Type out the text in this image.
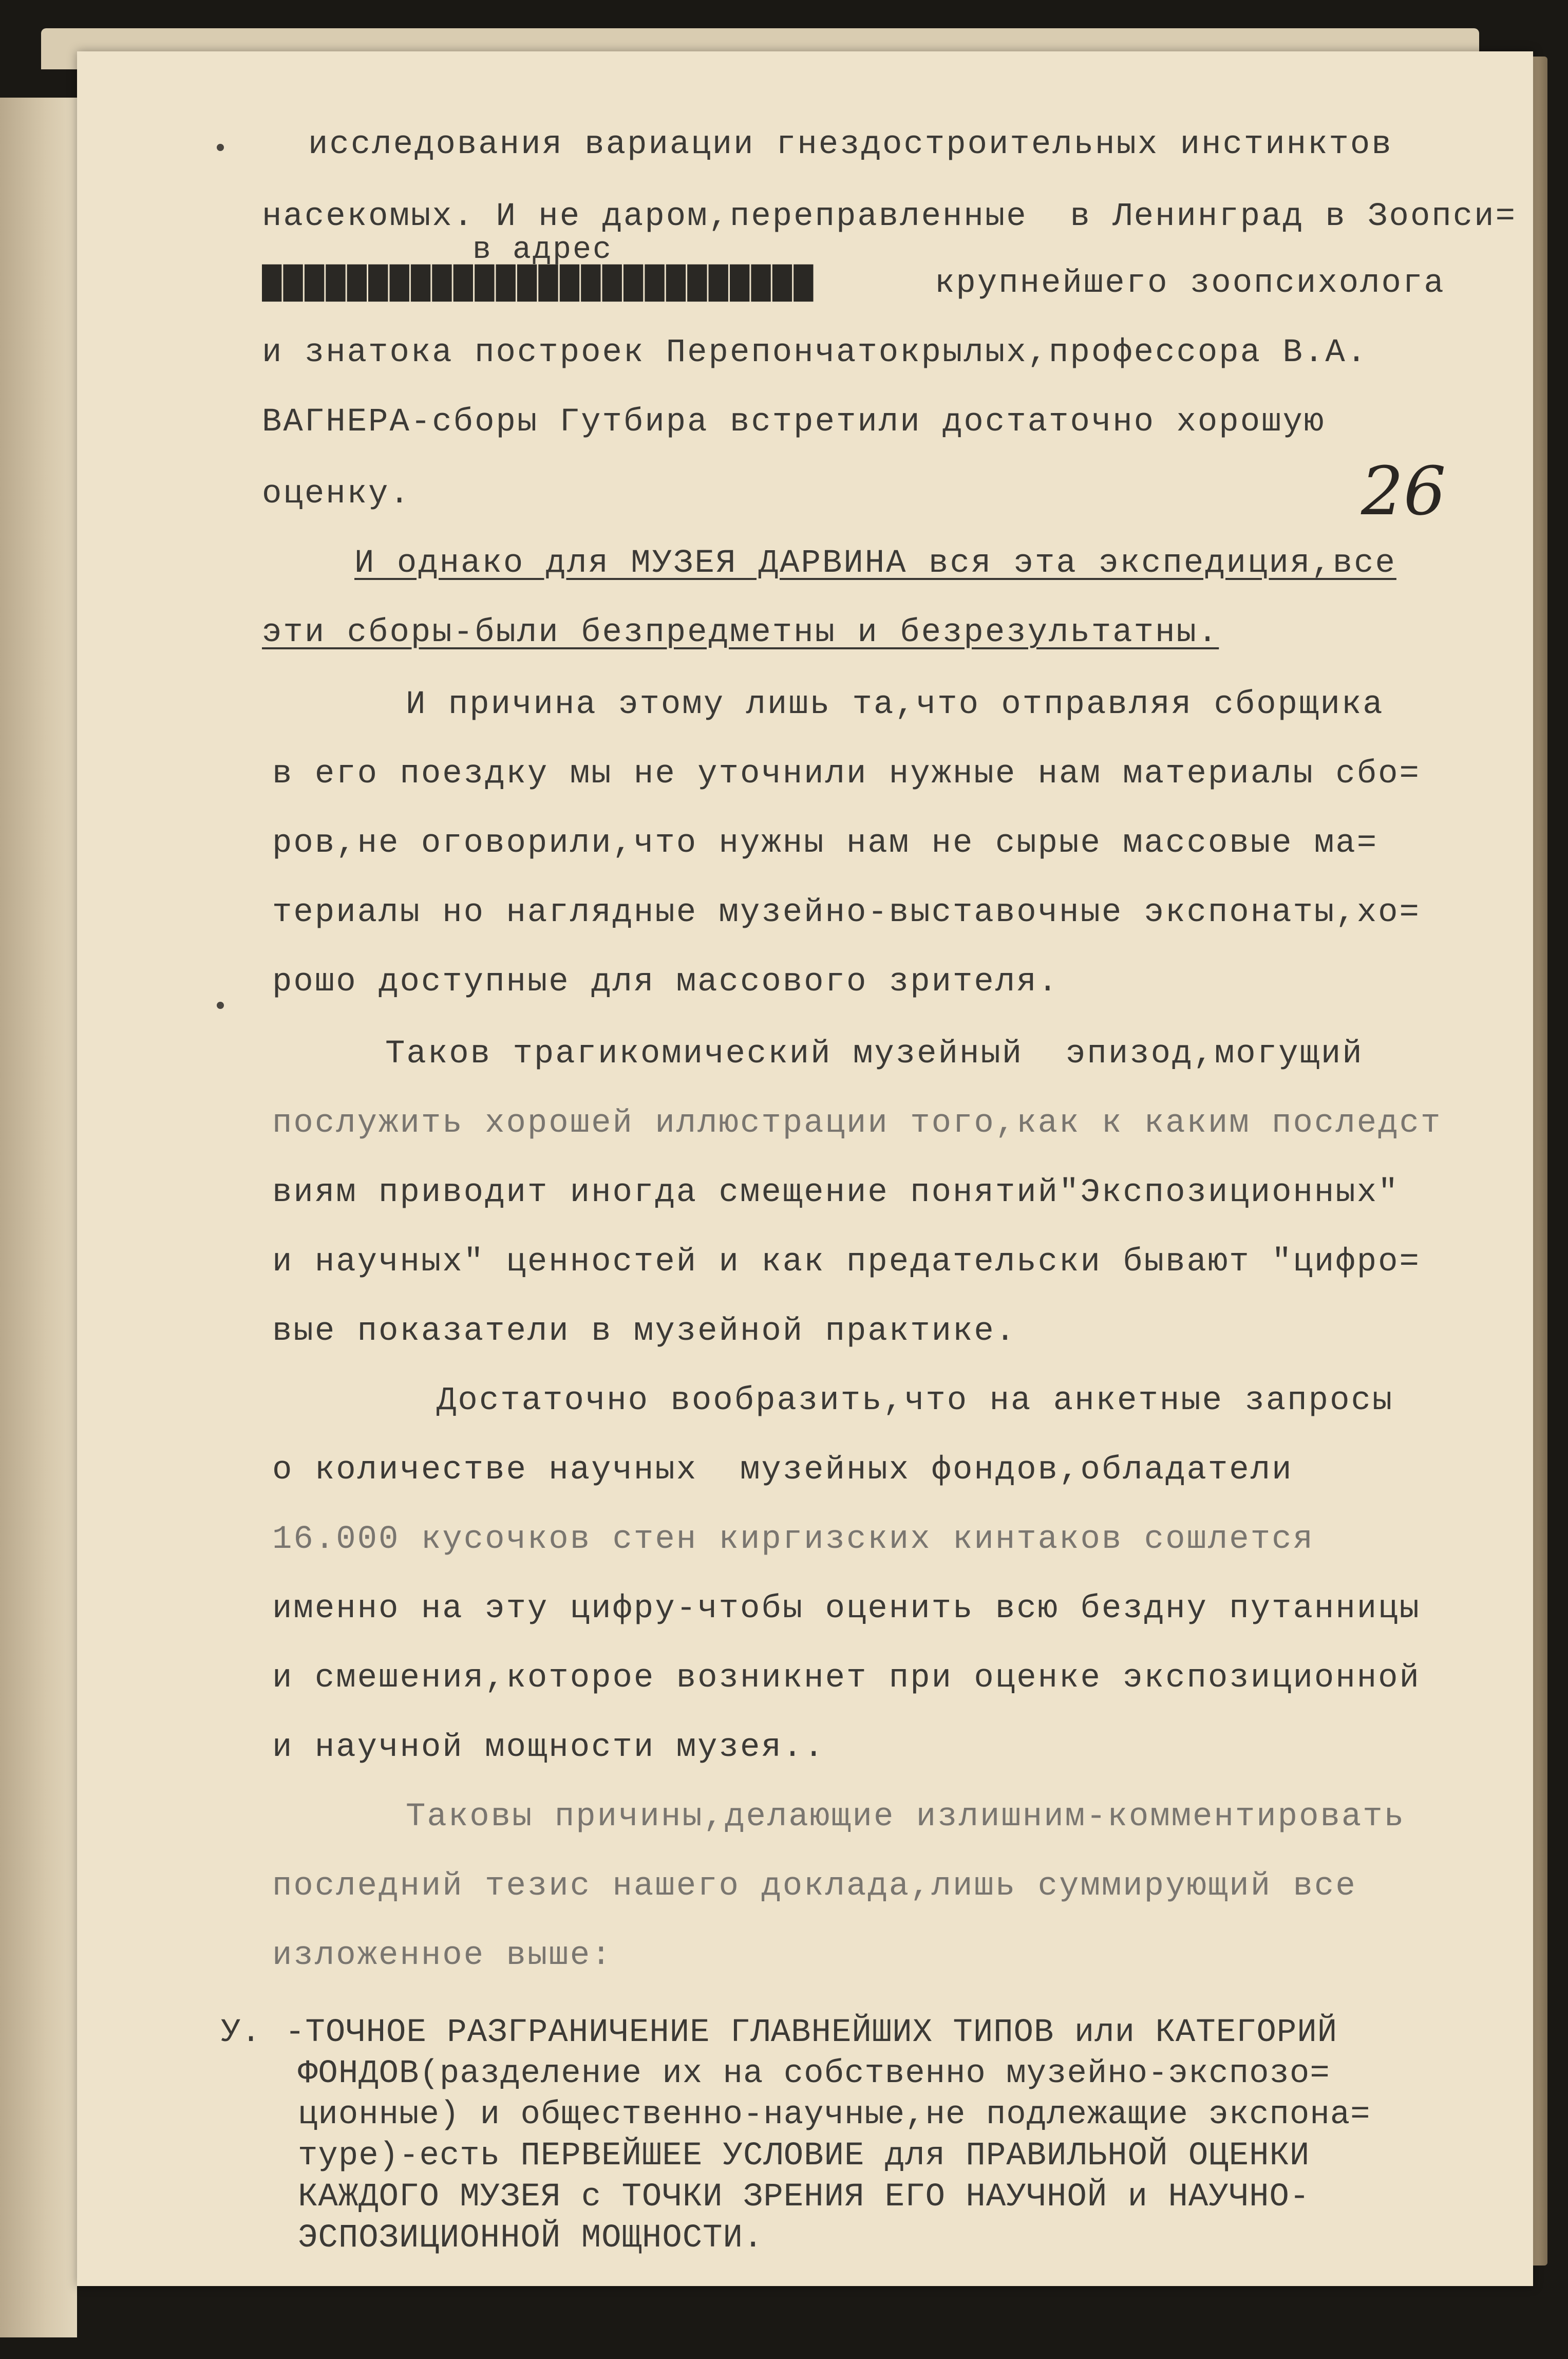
26
исследования вариации гнездостроительных инстинктов
насекомых. И не даром,переправленные  в Ленинград в Зоопси=
в адрес
██████████████████████████	крупнейшего зоопсихолога
и знатока построек Перепончатокрылых,профессора В.А.
ВАГНЕРА-сборы Гутбира встретили достаточно хорошую
оценку.
И однако для МУЗЕЯ ДАРВИНА вся эта экспедиция,все
эти сборы-были безпредметны и безрезультатны.
И причина этому лишь та,что отправляя сборщика
в его поездку мы не уточнили нужные нам материалы сбо=
ров,не оговорили,что нужны нам не сырые массовые ма=
териалы но наглядные музейно-выставочные экспонаты,хо=
рошо доступные для массового зрителя.
Таков трагикомический музейный  эпизод,могущий
послужить хорошей иллюстрации того,как к каким последст
виям приводит иногда смещение понятий"Экспозиционных"
и научных" ценностей и как предательски бывают "цифро=
вые показатели в музейной практике.
Достаточно вообразить,что на анкетные запросы
о количестве научных  музейных фондов,обладатели
16.000 кусочков стен киргизских кинтаков сошлется
именно на эту цифру-чтобы оценить всю бездну путанницы
и смешения,которое возникнет при оценке экспозиционной
и научной мощности музея..
Таковы причины,делающие излишним-комментировать
последний тезис нашего доклада,лишь суммирующий все
изложенное выше:
У. -ТОЧНОЕ РАЗГРАНИЧЕНИЕ ГЛАВНЕЙШИХ ТИПОВ или КАТЕГОРИЙ
ФОНДОВ(разделение их на собственно музейно-экспозо=
ционные) и общественно-научные,не подлежащие экспона=
туре)-есть ПЕРВЕЙШЕЕ УСЛОВИЕ для ПРАВИЛЬНОЙ ОЦЕНКИ
КАЖДОГО МУЗЕЯ с ТОЧКИ ЗРЕНИЯ ЕГО НАУЧНОЙ и НАУЧНО-
ЭСПОЗИЦИОННОЙ МОЩНОСТИ.
